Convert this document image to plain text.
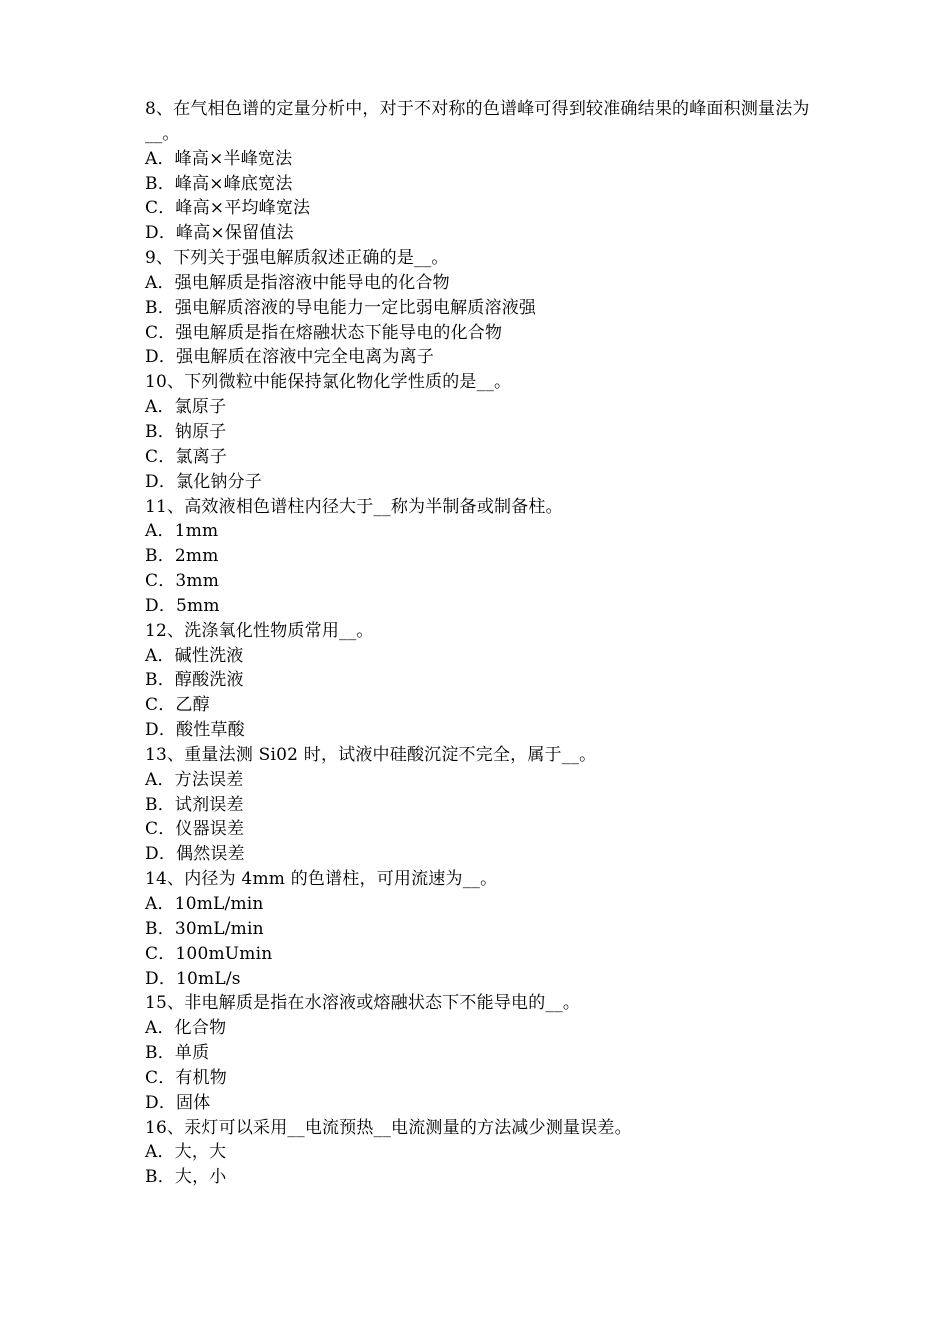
8、在气相色谱的定量分析中，对于不对称的色谱峰可得到较准确结果的峰面积测量法为__。
A．峰高×半峰宽法
B．峰高×峰底宽法
C．峰高×平均峰宽法
D．峰高×保留值法
9、下列关于强电解质叙述正确的是__。
A．强电解质是指溶液中能导电的化合物
B．强电解质溶液的导电能力一定比弱电解质溶液强
C．强电解质是指在熔融状态下能导电的化合物
D．强电解质在溶液中完全电离为离子
10、下列微粒中能保持氯化物化学性质的是__。
A．氯原子
B．钠原子
C．氯离子
D．氯化钠分子
11、高效液相色谱柱内径大于__称为半制备或制备柱。
A．1mm
B．2mm
C．3mm
D．5mm
12、洗涤氧化性物质常用__。
A．碱性洗液
B．醇酸洗液
C．乙醇
D．酸性草酸
13、重量法测 Si02 时，试液中硅酸沉淀不完全，属于__。
A．方法误差
B．试剂误差
C．仪器误差
D．偶然误差
14、内径为 4mm 的色谱柱，可用流速为__。
A．10mL/min
B．30mL/min
C．100mUmin
D．10mL/s
15、非电解质是指在水溶液或熔融状态下不能导电的__。
A．化合物
B．单质
C．有机物
D．固体
16、汞灯可以采用__电流预热__电流测量的方法减少测量误差。
A．大，大
B．大，小
